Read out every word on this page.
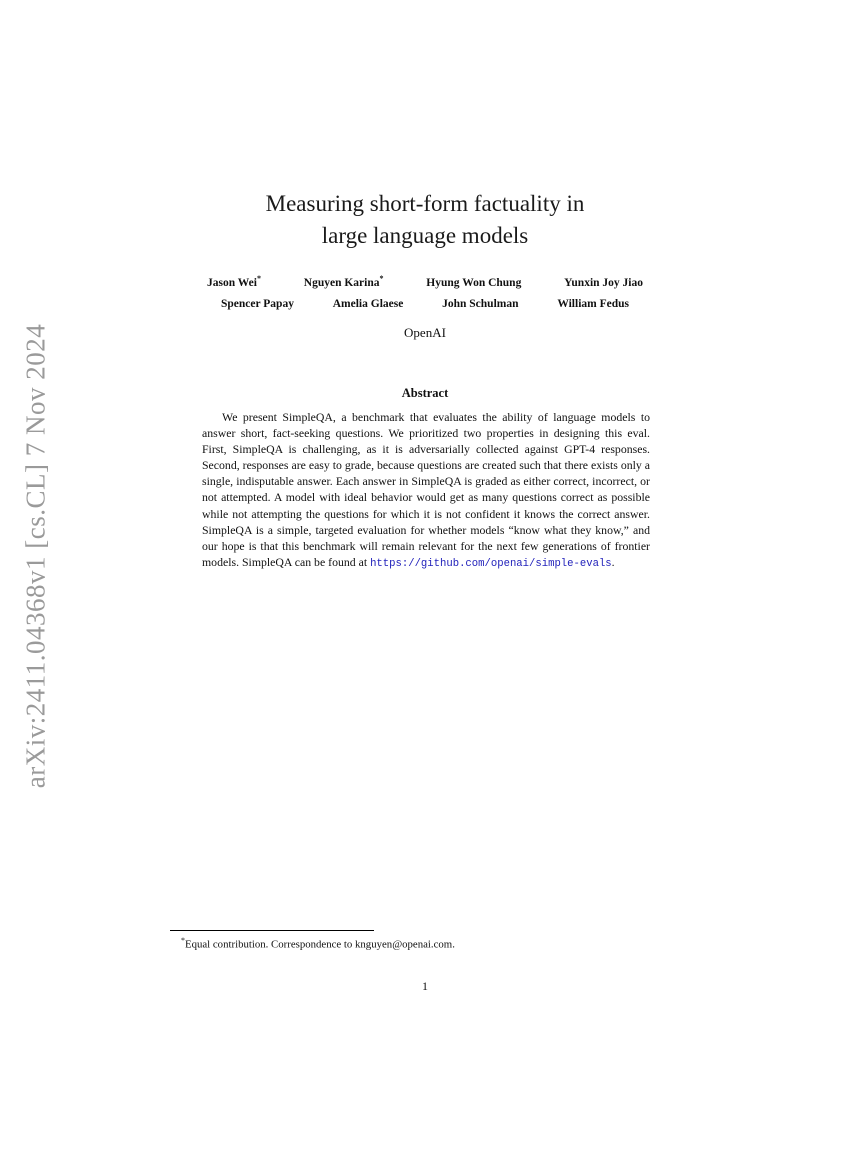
arXiv:2411.04368v1 [cs.CL] 7 Nov 2024
Measuring short-form factuality in
large language models
Jason Wei*	Nguyen Karina*	Hyung Won Chung	Yunxin Joy Jiao
Spencer Papay	Amelia Glaese	John Schulman	William Fedus
OpenAI
Abstract

We present SimpleQA, a benchmark that evaluates the ability of language models to answer short, fact-seeking questions. We prioritized two properties in designing this eval. First, SimpleQA is challenging, as it is adversarially collected against GPT-4 responses. Second, responses are easy to grade, because questions are created such that there exists only a single, indisputable answer. Each answer in SimpleQA is graded as either correct, incorrect, or not attempted. A model with ideal behavior would get as many questions correct as possible while not attempting the questions for which it is not confident it knows the correct answer. SimpleQA is a simple, targeted evaluation for whether models “know what they know,” and our hope is that this benchmark will remain relevant for the next few generations of frontier models. SimpleQA can be found at https://github.com/openai/simple-evals.

*Equal contribution. Correspondence to knguyen@openai.com.
1
